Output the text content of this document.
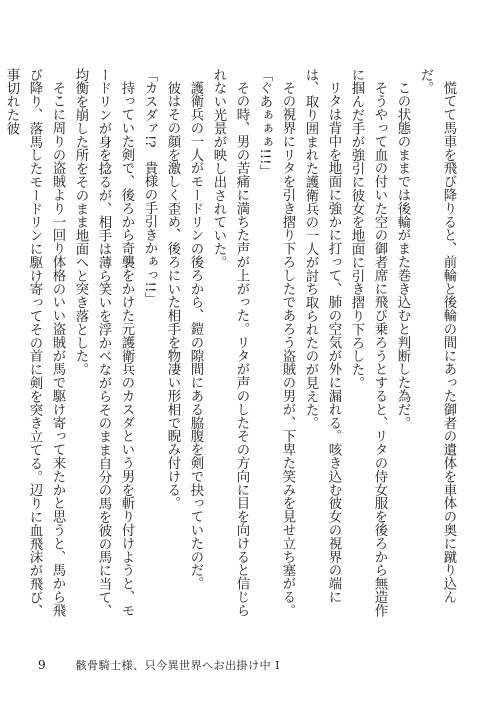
慌てて馬車を飛び降りると、前輪と後輪の間にあった御者の遺体を車体の奥に蹴り込んだ。

この状態のままでは後輪がまた巻き込むと判断した為だ。

そうやって血の付いた空の御者席に飛び乗ろうとすると、リタの侍女服を後ろから無造作に掴んだ手が強引に彼女を地面に引き摺り下ろした。

リタは背中を地面に強かに打って、肺の空気が外に漏れる。咳き込む彼女の視界の端には、取り囲まれた護衛兵の一人が討ち取られたのが見えた。

その視界にリタを引き摺り下ろしたであろう盗賊の男が、下卑た笑みを見せ立ち塞がる。

「ぐあぁぁぁ!!!」

その時、男の苦痛に満ちた声が上がった。リタが声のしたその方向に目を向けると信じられない光景が映し出されていた。

護衛兵の一人がモードリンの後ろから、鎧の隙間にある脇腹を剣で抉っていたのだ。

彼はその顔を激しく歪め、後ろにいた相手を物凄い形相で睨み付ける。

「カスダァ!?　貴様の手引きかぁっ!!」

持っていた剣で、後ろから奇襲をかけた元護衛兵のカスダという男を斬り付けようと、モードリンが身を捻るが、相手は薄ら笑いを浮かべながらそのまま自分の馬を彼の馬に当て、均衡を崩した所をそのまま地面へと突き落とした。

そこに周りの盗賊より一回り体格のいい盗賊が馬で駆け寄って来たかと思うと、馬から飛び降り、落馬したモードリンに駆け寄ってその首に剣を突き立てる。辺りに血飛沫が飛び、事切れた彼

9	骸骨騎士様、只今異世界へお出掛け中 I
